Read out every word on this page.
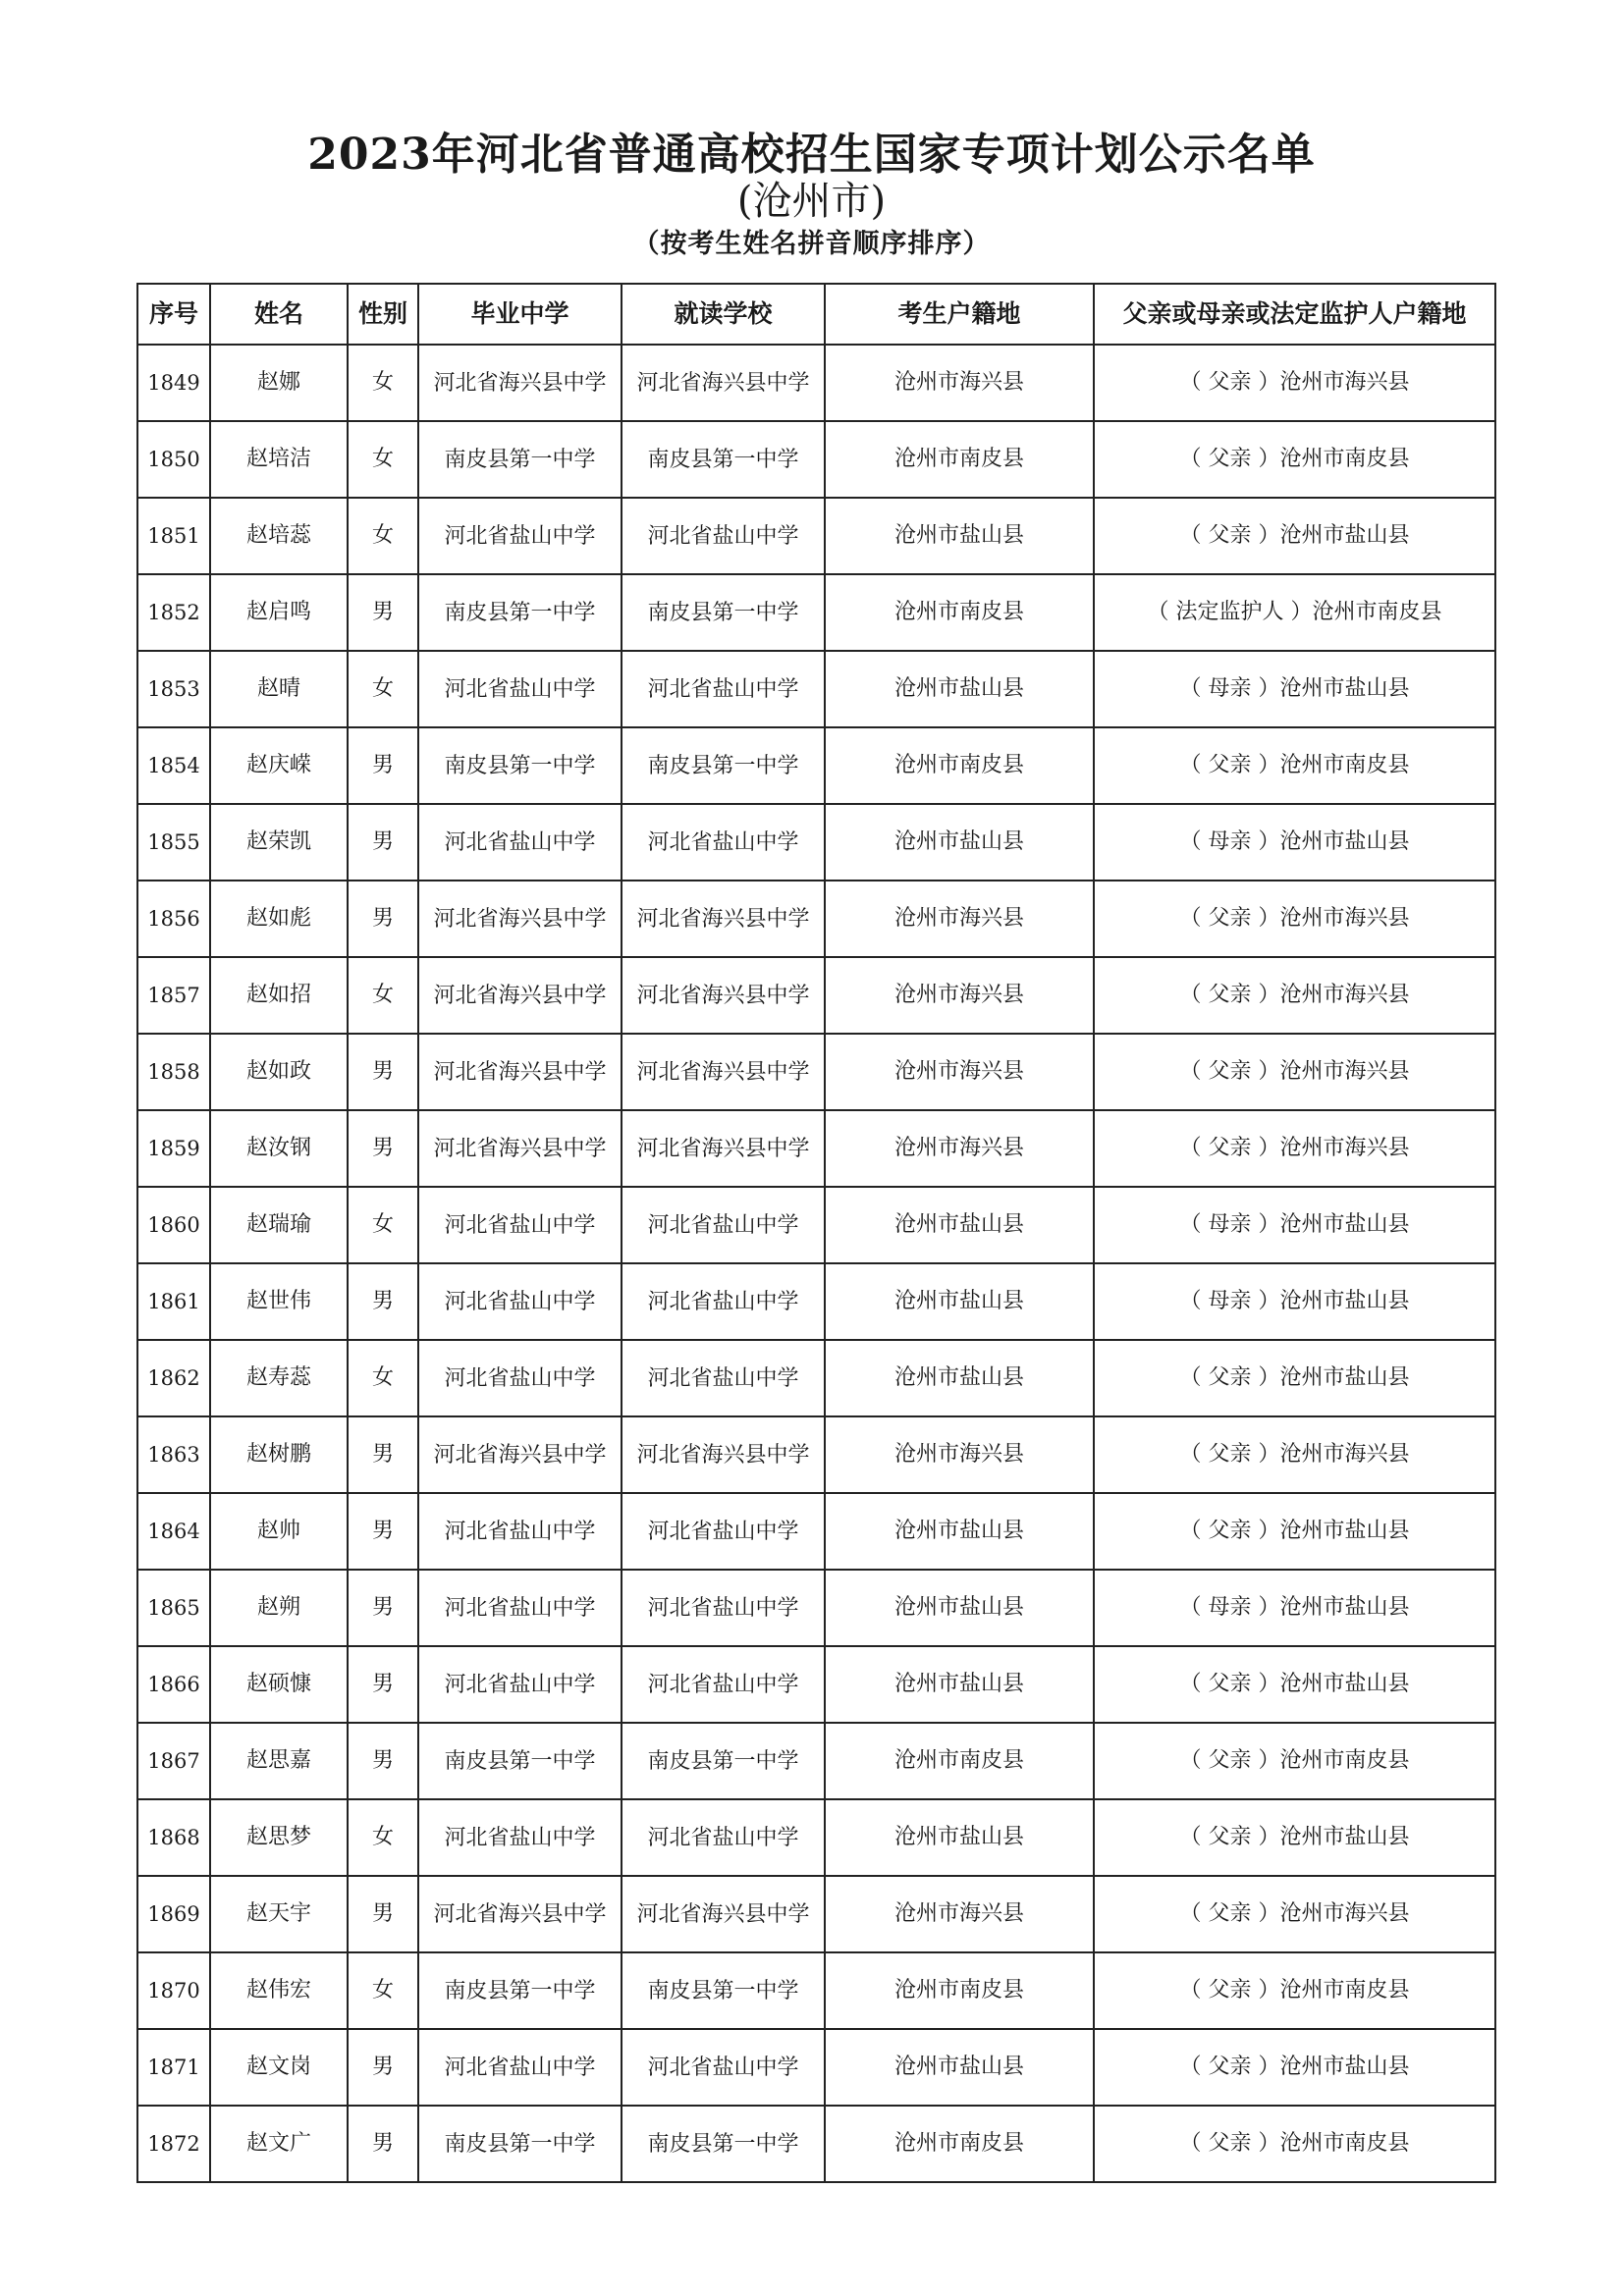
2023年河北省普通高校招生国家专项计划公示名单
(沧州市)
（按考生姓名拼音顺序排序）
序号	姓名	性别	毕业中学	就读学校	考生户籍地	父亲或母亲或法定监护人户籍地
1849	赵娜	女	河北省海兴县中学	河北省海兴县中学	沧州市海兴县	（ 父亲 ）沧州市海兴县
1850	赵培洁	女	南皮县第一中学	南皮县第一中学	沧州市南皮县	（ 父亲 ）沧州市南皮县
1851	赵培蕊	女	河北省盐山中学	河北省盐山中学	沧州市盐山县	（ 父亲 ）沧州市盐山县
1852	赵启鸣	男	南皮县第一中学	南皮县第一中学	沧州市南皮县	（ 法定监护人 ）沧州市南皮县
1853	赵晴	女	河北省盐山中学	河北省盐山中学	沧州市盐山县	（ 母亲 ）沧州市盐山县
1854	赵庆嵘	男	南皮县第一中学	南皮县第一中学	沧州市南皮县	（ 父亲 ）沧州市南皮县
1855	赵荣凯	男	河北省盐山中学	河北省盐山中学	沧州市盐山县	（ 母亲 ）沧州市盐山县
1856	赵如彪	男	河北省海兴县中学	河北省海兴县中学	沧州市海兴县	（ 父亲 ）沧州市海兴县
1857	赵如招	女	河北省海兴县中学	河北省海兴县中学	沧州市海兴县	（ 父亲 ）沧州市海兴县
1858	赵如政	男	河北省海兴县中学	河北省海兴县中学	沧州市海兴县	（ 父亲 ）沧州市海兴县
1859	赵汝钢	男	河北省海兴县中学	河北省海兴县中学	沧州市海兴县	（ 父亲 ）沧州市海兴县
1860	赵瑞瑜	女	河北省盐山中学	河北省盐山中学	沧州市盐山县	（ 母亲 ）沧州市盐山县
1861	赵世伟	男	河北省盐山中学	河北省盐山中学	沧州市盐山县	（ 母亲 ）沧州市盐山县
1862	赵寿蕊	女	河北省盐山中学	河北省盐山中学	沧州市盐山县	（ 父亲 ）沧州市盐山县
1863	赵树鹏	男	河北省海兴县中学	河北省海兴县中学	沧州市海兴县	（ 父亲 ）沧州市海兴县
1864	赵帅	男	河北省盐山中学	河北省盐山中学	沧州市盐山县	（ 父亲 ）沧州市盐山县
1865	赵朔	男	河北省盐山中学	河北省盐山中学	沧州市盐山县	（ 母亲 ）沧州市盐山县
1866	赵硕慷	男	河北省盐山中学	河北省盐山中学	沧州市盐山县	（ 父亲 ）沧州市盐山县
1867	赵思嘉	男	南皮县第一中学	南皮县第一中学	沧州市南皮县	（ 父亲 ）沧州市南皮县
1868	赵思梦	女	河北省盐山中学	河北省盐山中学	沧州市盐山县	（ 父亲 ）沧州市盐山县
1869	赵天宇	男	河北省海兴县中学	河北省海兴县中学	沧州市海兴县	（ 父亲 ）沧州市海兴县
1870	赵伟宏	女	南皮县第一中学	南皮县第一中学	沧州市南皮县	（ 父亲 ）沧州市南皮县
1871	赵文岗	男	河北省盐山中学	河北省盐山中学	沧州市盐山县	（ 父亲 ）沧州市盐山县
1872	赵文广	男	南皮县第一中学	南皮县第一中学	沧州市南皮县	（ 父亲 ）沧州市南皮县
